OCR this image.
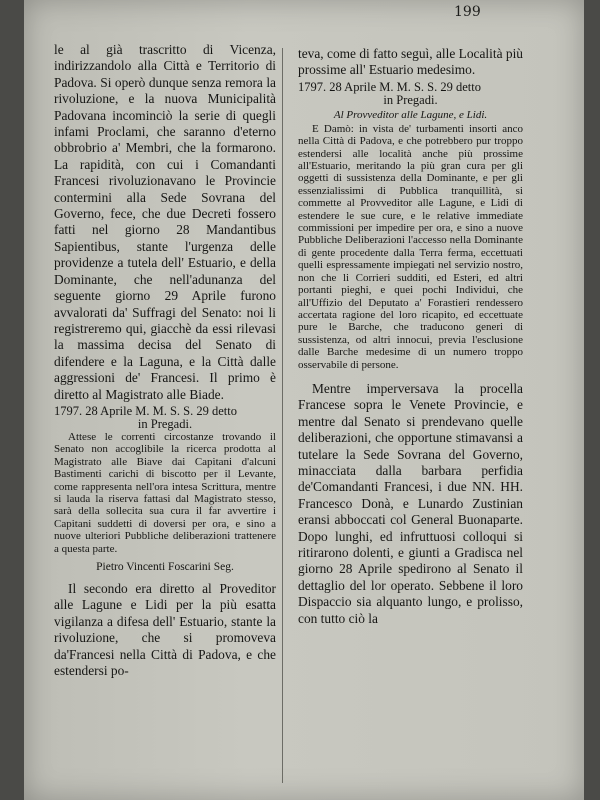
199

le al già trascritto di Vicenza, indirizzandolo alla Città e Territorio di Padova. Si operò dunque senza remora la rivoluzione, e la nuova Municipalità Padovana incominciò la serie di quegli infami Proclami, che saranno d'eterno obbrobrio a' Membri, che la formarono. La rapidità, con cui i Comandanti Francesi rivoluzionavano le Provincie contermini alla Sede Sovrana del Governo, fece, che due Decreti fossero fatti nel giorno 28 Mandantibus Sapientibus, stante l'urgenza delle providenze a tutela dell' Estuario, e della Dominante, che nell'adunanza del seguente giorno 29 Aprile furono avvalorati da' Suffragi del Senato: noi li registreremo qui, giacchè da essi rilevasi la massima decisa del Senato di difendere e la Laguna, e la Città dalle aggressioni de' Francesi. Il primo è diretto al Magistrato alle Biade.

1797. 28 Aprile M. M. S. S. 29 detto
in Pregadi.

Attese le correnti circostanze trovando il Senato non accoglibile la ricerca prodotta al Magistrato alle Biave dai Capitani d'alcuni Bastimenti carichi di biscotto per il Levante, come rappresenta nell'ora intesa Scrittura, mentre si lauda la riserva fattasi dal Magistrato stesso, sarà della sollecita sua cura il far avvertire i Capitani suddetti di doversi per ora, e sino a nuove ulteriori Pubbliche deliberazioni trattenere a questa parte.

Pietro Vincenti Foscarini Seg.

Il secondo era diretto al Proveditor alle Lagune e Lidi per la più esatta vigilanza a difesa dell' Estuario, stante la rivoluzione, che si promoveva da'Francesi nella Città di Padova, e che estendersi po-

teva, come di fatto seguì, alle Località più prossime all' Estuario medesimo.

1797. 28 Aprile M. M. S. S. 29 detto
in Pregadi.
Al Provveditor alle Lagune, e Lidi.

E Damò: in vista de' turbamenti insorti anco nella Città di Padova, e che potrebbero pur troppo estendersi alle località anche più prossime all'Estuario, meritando la più gran cura per gli oggetti di sussistenza della Dominante, e per gli essenzialissimi di Pubblica tranquillità, si commette al Provveditor alle Lagune, e Lidi di estendere le sue cure, e le relative immediate commissioni per impedire per ora, e sino a nuove Pubbliche Deliberazioni l'accesso nella Dominante di gente procedente dalla Terra ferma, eccettuati quelli espressamente impiegati nel servizio nostro, non che li Corrieri sudditi, ed Esteri, ed altri portanti pieghi, e quei pochi Individui, che all'Uffizio del Deputato a' Forastieri rendessero accertata ragione del loro ricapito, ed eccettuate pure le Barche, che traducono generi di sussistenza, od altri innocui, previa l'esclusione dalle Barche medesime di un numero troppo osservabile di persone.

Mentre imperversava la procella Francese sopra le Venete Provincie, e mentre dal Senato si prendevano quelle deliberazioni, che opportune stimavansi a tutelare la Sede Sovrana del Governo, minacciata dalla barbara perfidia de'Comandanti Francesi, i due NN. HH. Francesco Donà, e Lunardo Zustinian eransi abboccati col General Buonaparte. Dopo lunghi, ed infruttuosi colloqui si ritirarono dolenti, e giunti a Gradisca nel giorno 28 Aprile spedirono al Senato il dettaglio del lor operato. Sebbene il loro Dispaccio sia alquanto lungo, e prolisso, con tutto ciò la
